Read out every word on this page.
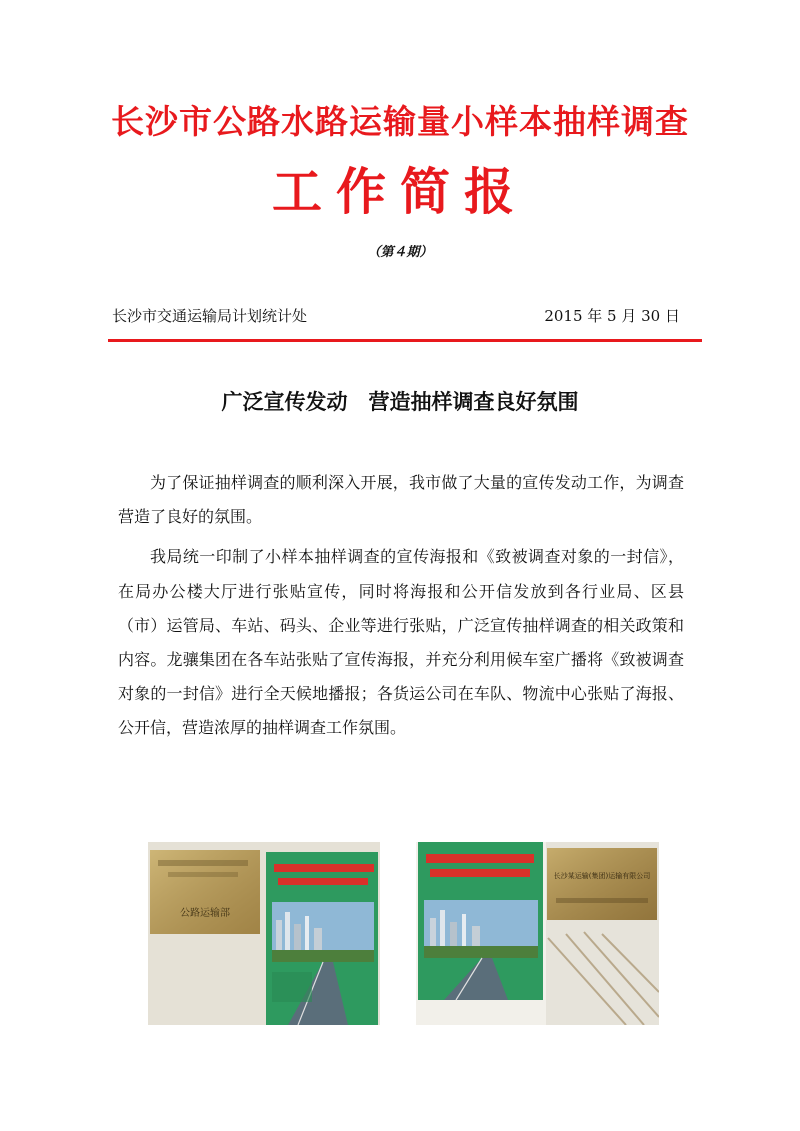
长沙市公路水路运输量小样本抽样调查
工作简报
（第４期）
长沙市交通运输局计划统计处	2015 年 5 月 30 日
广泛宣传发动　营造抽样调查良好氛围

为了保证抽样调查的顺利深入开展，我市做了大量的宣传发动工作，为调查营造了良好的氛围。

我局统一印制了小样本抽样调查的宣传海报和《致被调查对象的一封信》，在局办公楼大厅进行张贴宣传，同时将海报和公开信发放到各行业局、区县（市）运管局、车站、码头、企业等进行张贴，广泛宣传抽样调查的相关政策和内容。龙骧集团在各车站张贴了宣传海报，并充分利用候车室广播将《致被调查对象的一封信》进行全天候地播报；各货运公司在车队、物流中心张贴了海报、公开信，营造浓厚的抽样调查工作氛围。

公路运输部
长沙某运输(集团)运输有限公司
